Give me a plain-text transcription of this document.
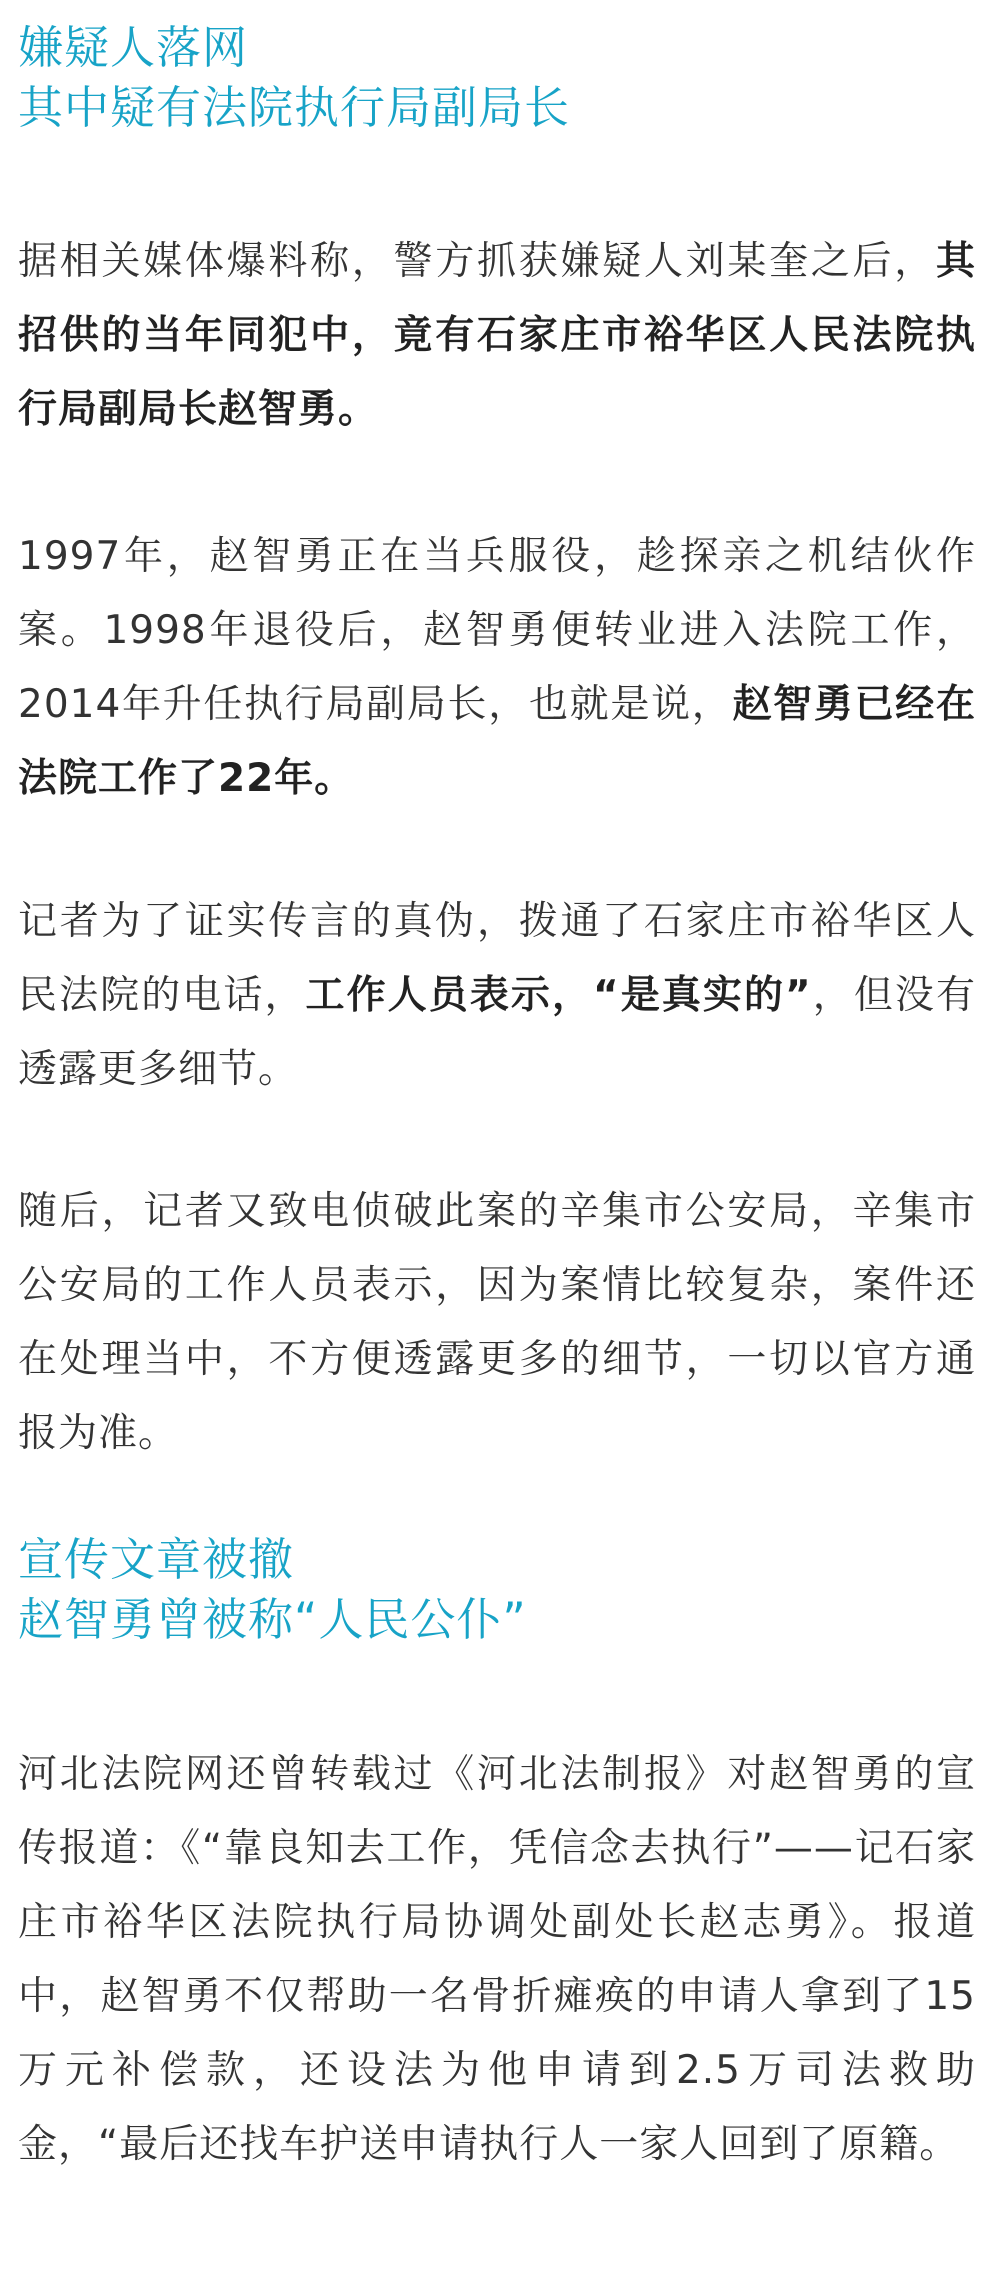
嫌疑人落网
其中疑有法院执行局副局长

据相关媒体爆料称，警方抓获嫌疑人刘某奎之后，其招供的当年同犯中，竟有石家庄市裕华区人民法院执行局副局长赵智勇。

1997年，赵智勇正在当兵服役，趁探亲之机结伙作案。1998年退役后，赵智勇便转业进入法院工作，2014年升任执行局副局长，也就是说，赵智勇已经在法院工作了22年。

记者为了证实传言的真伪，拨通了石家庄市裕华区人民法院的电话，工作人员表示，“是真实的”，但没有透露更多细节。

随后，记者又致电侦破此案的辛集市公安局，辛集市公安局的工作人员表示，因为案情比较复杂，案件还在处理当中，不方便透露更多的细节，一切以官方通报为准。

宣传文章被撤
赵智勇曾被称“人民公仆”

河北法院网还曾转载过《河北法制报》对赵智勇的宣传报道：《“靠良知去工作，凭信念去执行”——记石家庄市裕华区法院执行局协调处副处长赵志勇》。报道中，赵智勇不仅帮助一名骨折瘫痪的申请人拿到了15万元补偿款，还设法为他申请到2.5万司法救助金，“最后还找车护送申请执行人一家人回到了原籍。
